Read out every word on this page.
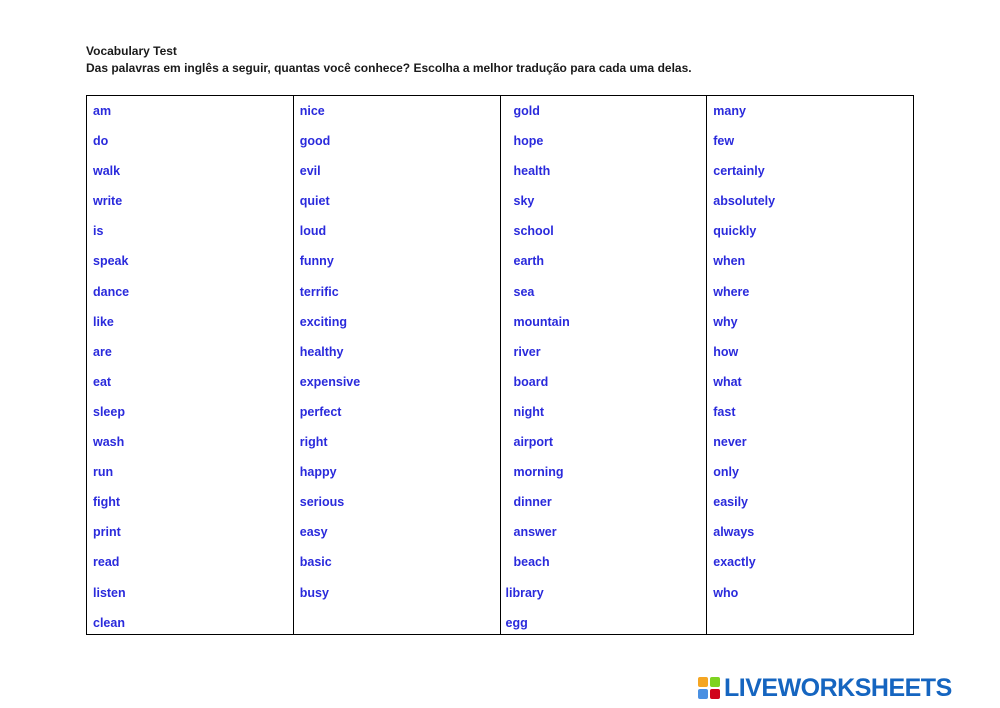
Vocabulary Test
Das palavras em inglês a seguir, quantas você conhece? Escolha a melhor tradução para cada uma delas.
am
do
walk
write
is
speak
dance
like
are
eat
sleep
wash
run
fight
print
read
listen
clean
nice
good
evil
quiet
loud
funny
terrific
exciting
healthy
expensive
perfect
right
happy
serious
easy
basic
busy
gold
hope
health
sky
school
earth
sea
mountain
river
board
night
airport
morning
dinner
answer
beach
library
egg
many
few
certainly
absolutely
quickly
when
where
why
how
what
fast
never
only
easily
always
exactly
who
LIVEWORKSHEETS
